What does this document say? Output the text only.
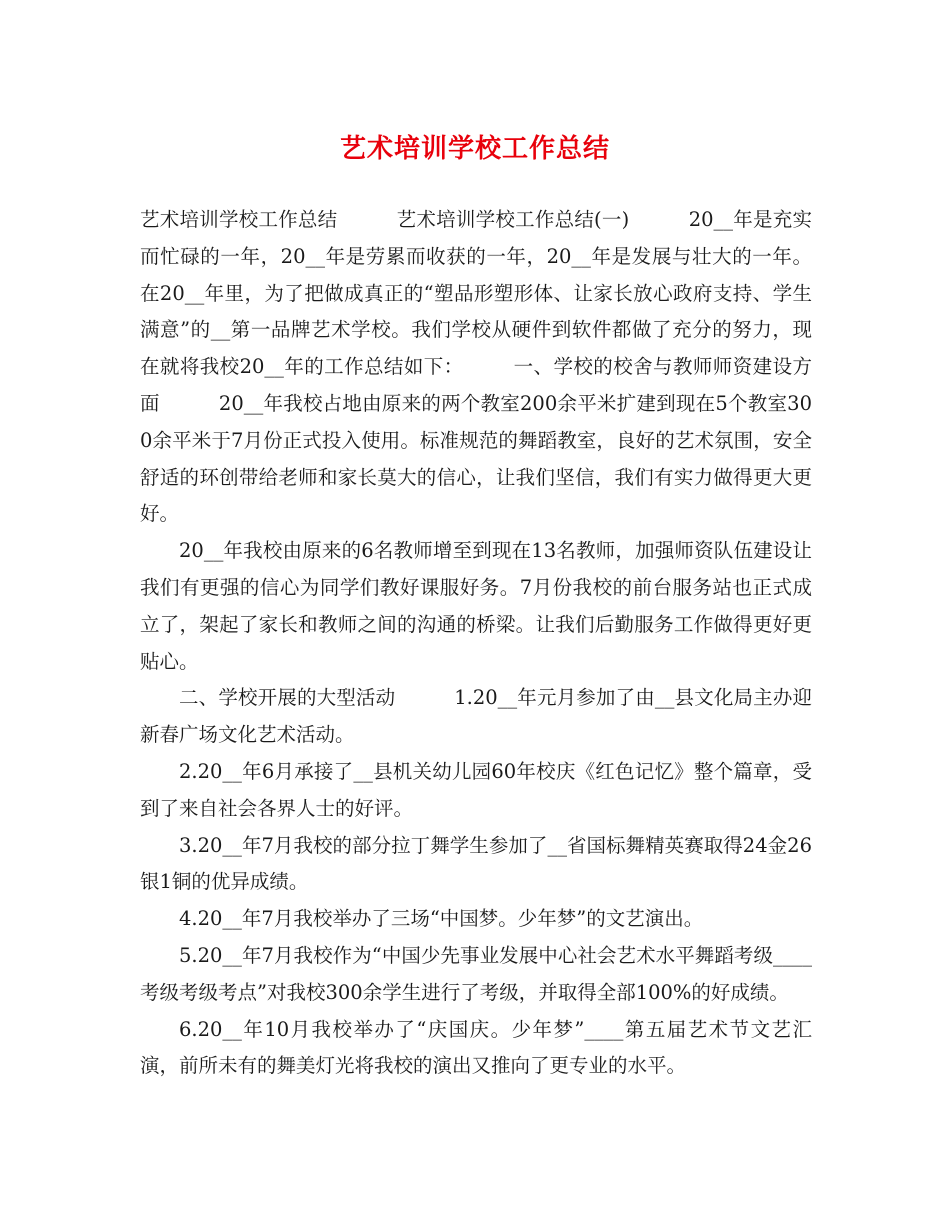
艺术培训学校工作总结

艺术培训学校工作总结　　　艺术培训学校工作总结(一)　　　20__年是充实而忙碌的一年，20__年是劳累而收获的一年，20__年是发展与壮大的一年。在20__年里，为了把做成真正的“塑品形塑形体、让家长放心政府支持、学生满意”的__第一品牌艺术学校。我们学校从硬件到软件都做了充分的努力，现在就将我校20__年的工作总结如下：　　　一、学校的校舍与教师师资建设方面　　　20__年我校占地由原来的两个教室200余平米扩建到现在5个教室300余平米于7月份正式投入使用。标准规范的舞蹈教室，良好的艺术氛围，安全舒适的环创带给老师和家长莫大的信心，让我们坚信，我们有实力做得更大更好。

20__年我校由原来的6名教师增至到现在13名教师，加强师资队伍建设让我们有更强的信心为同学们教好课服好务。7月份我校的前台服务站也正式成立了，架起了家长和教师之间的沟通的桥梁。让我们后勤服务工作做得更好更贴心。

二、学校开展的大型活动　　　1.20__年元月参加了由__县文化局主办迎新春广场文化艺术活动。

2.20__年6月承接了__县机关幼儿园60年校庆《红色记忆》整个篇章，受到了来自社会各界人士的好评。

3.20__年7月我校的部分拉丁舞学生参加了__省国标舞精英赛取得24金26银1铜的优异成绩。

4.20__年7月我校举办了三场“中国梦。少年梦”的文艺演出。

5.20__年7月我校作为“中国少先事业发展中心社会艺术水平舞蹈考级____考级考级考点”对我校300余学生进行了考级，并取得全部100%的好成绩。

6.20__年10月我校举办了“庆国庆。少年梦”____第五届艺术节文艺汇演，前所未有的舞美灯光将我校的演出又推向了更专业的水平。
